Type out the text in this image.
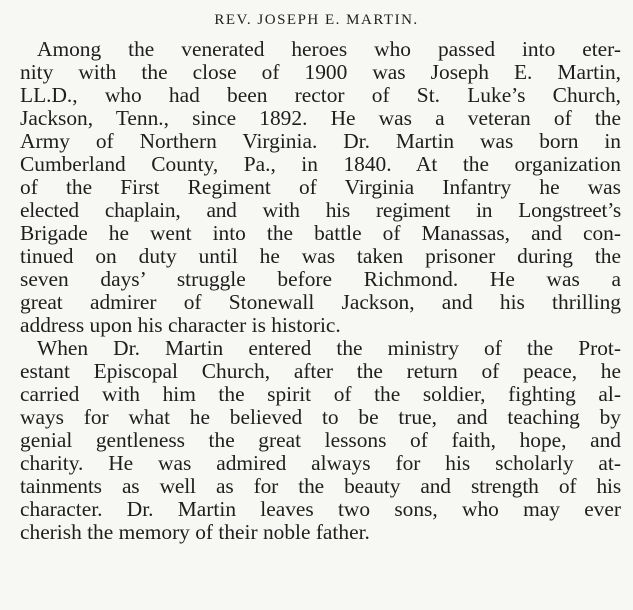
REV. JOSEPH E. MARTIN.
Among the venerated heroes who passed into eter-
nity with the close of 1900 was Joseph E. Martin,
LL.D., who had been rector of St. Luke’s Church,
Jackson, Tenn., since 1892. He was a veteran of the
Army of Northern Virginia. Dr. Martin was born in
Cumberland County, Pa., in 1840. At the organization
of the First Regiment of Virginia Infantry he was
elected chaplain, and with his regiment in Longstreet’s
Brigade he went into the battle of Manassas, and con-
tinued on duty until he was taken prisoner during the
seven days’ struggle before Richmond. He was a
great admirer of Stonewall Jackson, and his thrilling
address upon his character is historic.
When Dr. Martin entered the ministry of the Prot-
estant Episcopal Church, after the return of peace, he
carried with him the spirit of the soldier, fighting al-
ways for what he believed to be true, and teaching by
genial gentleness the great lessons of faith, hope, and
charity. He was admired always for his scholarly at-
tainments as well as for the beauty and strength of his
character. Dr. Martin leaves two sons, who may ever
cherish the memory of their noble father.
